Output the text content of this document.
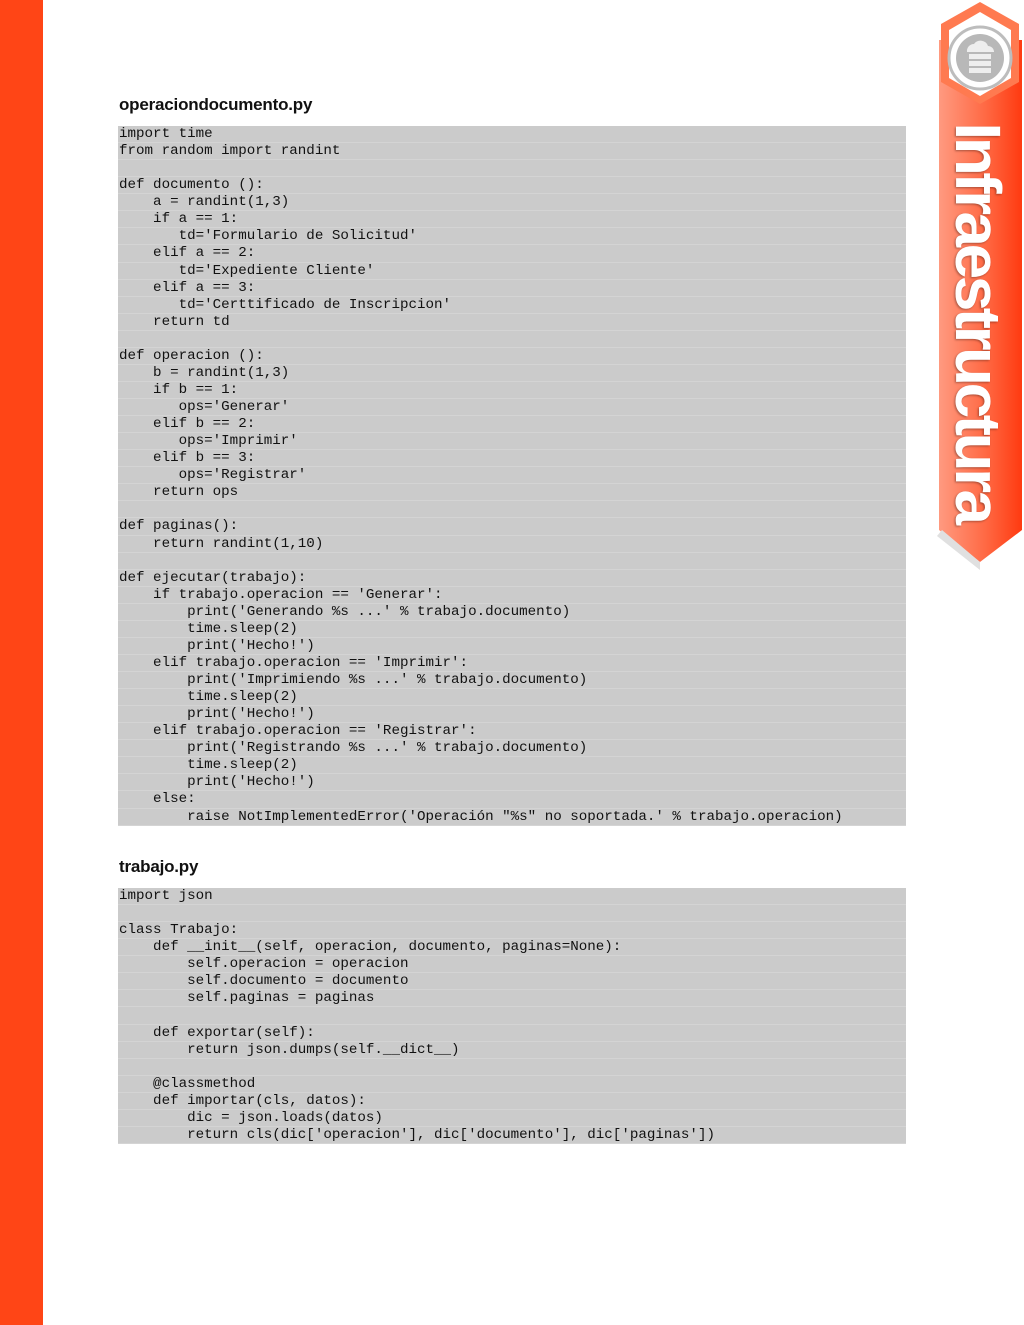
operaciondocumento.py
import time
from random import randint
def documento ():
a = randint(1,3)
if a == 1:
td='Formulario de Solicitud'
elif a == 2:
td='Expediente Cliente'
elif a == 3:
td='Certtificado de Inscripcion'
return td
def operacion ():
b = randint(1,3)
if b == 1:
ops='Generar'
elif b == 2:
ops='Imprimir'
elif b == 3:
ops='Registrar'
return ops
def paginas():
return randint(1,10)
def ejecutar(trabajo):
if trabajo.operacion == 'Generar':
print('Generando %s ...' % trabajo.documento)
time.sleep(2)
print('Hecho!')
elif trabajo.operacion == 'Imprimir':
print('Imprimiendo %s ...' % trabajo.documento)
time.sleep(2)
print('Hecho!')
elif trabajo.operacion == 'Registrar':
print('Registrando %s ...' % trabajo.documento)
time.sleep(2)
print('Hecho!')
else:
raise NotImplementedError('Operación "%s" no soportada.' % trabajo.operacion)
trabajo.py
import json
class Trabajo:
def __init__(self, operacion, documento, paginas=None):
self.operacion = operacion
self.documento = documento
self.paginas = paginas
def exportar(self):
return json.dumps(self.__dict__)
@classmethod
def importar(cls, datos):
dic = json.loads(datos)
return cls(dic['operacion'], dic['documento'], dic['paginas'])
Infraestructura
